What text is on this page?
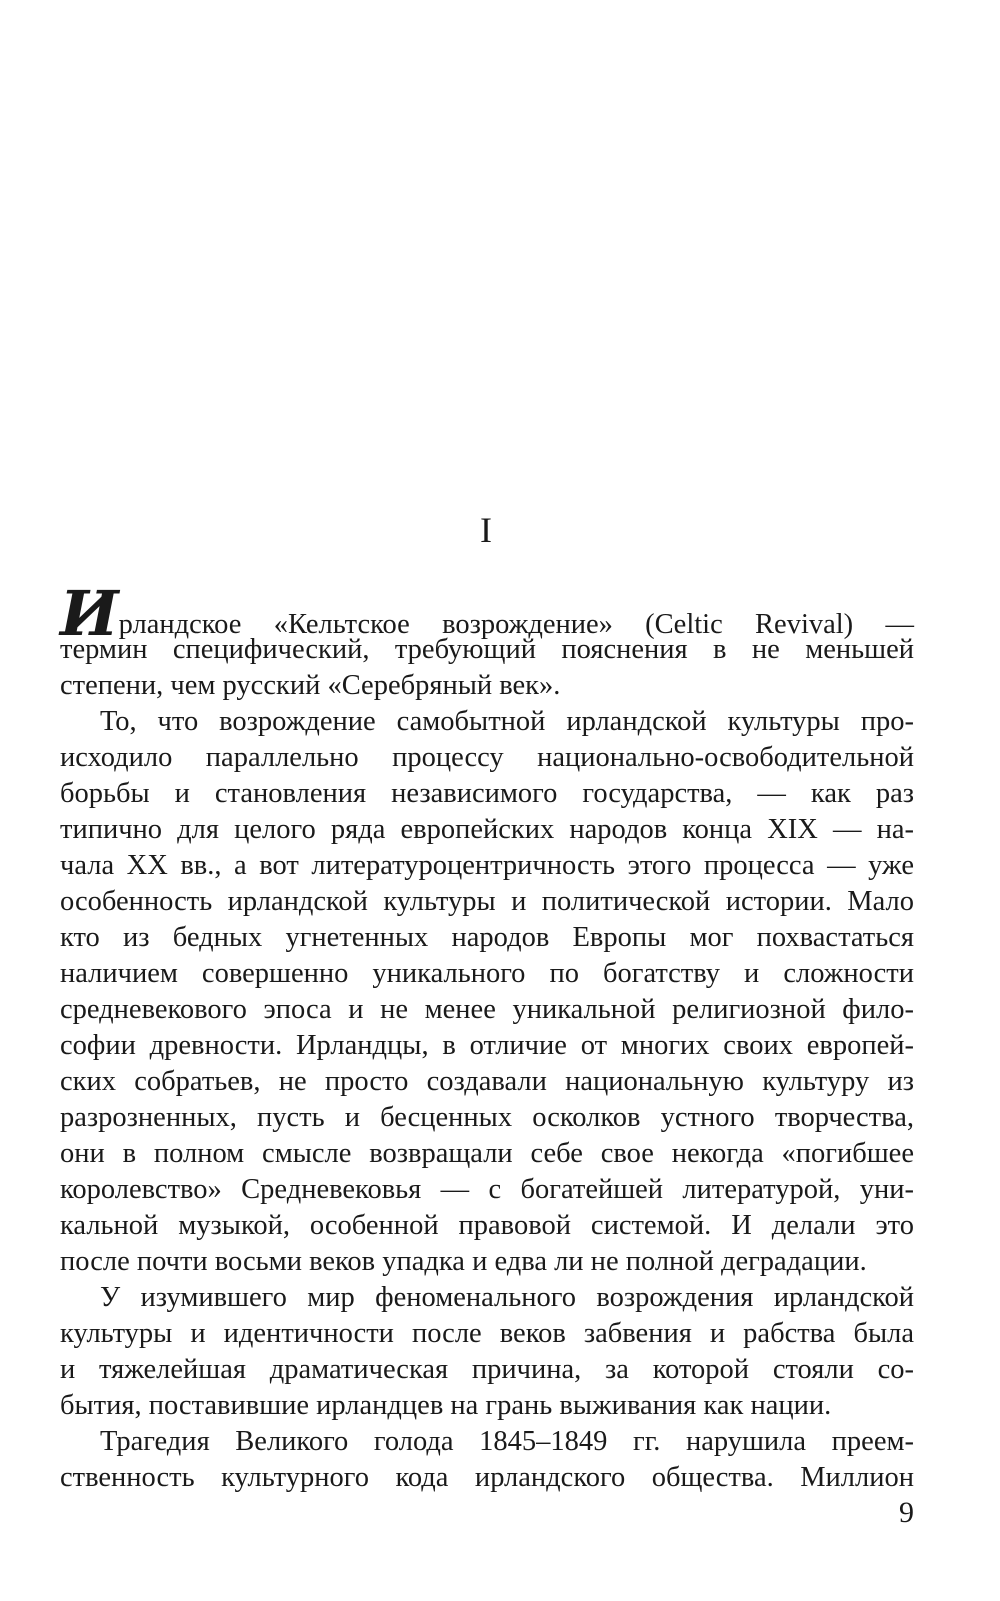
I
Ирландское «Кельтское возрождение» (Celtic Revival) —
термин специфический, требующий пояснения в не меньшей
степени, чем русский «Серебряный век».
То, что возрождение самобытной ирландской культуры про-
исходило параллельно процессу национально-освободительной
борьбы и становления независимого государства, — как раз
типично для целого ряда европейских народов конца XIX — на-
чала XX вв., а вот литературоцентричность этого процесса — уже
особенность ирландской культуры и политической истории. Мало
кто из бедных угнетенных народов Европы мог похвастаться
наличием совершенно уникального по богатству и сложности
средневекового эпоса и не менее уникальной религиозной фило-
софии древности. Ирландцы, в отличие от многих своих европей-
ских собратьев, не просто создавали национальную культуру из
разрозненных, пусть и бесценных осколков устного творчества,
они в полном смысле возвращали себе свое некогда «погибшее
королевство» Средневековья — с богатейшей литературой, уни-
кальной музыкой, особенной правовой системой. И делали это
после почти восьми веков упадка и едва ли не полной деградации.
У изумившего мир феноменального возрождения ирландской
культуры и идентичности после веков забвения и рабства была
и тяжелейшая драматическая причина, за которой стояли со-
бытия, поставившие ирландцев на грань выживания как нации.
Трагедия Великого голода 1845–1849 гг. нарушила преем-
ственность культурного кода ирландского общества. Миллион
9
